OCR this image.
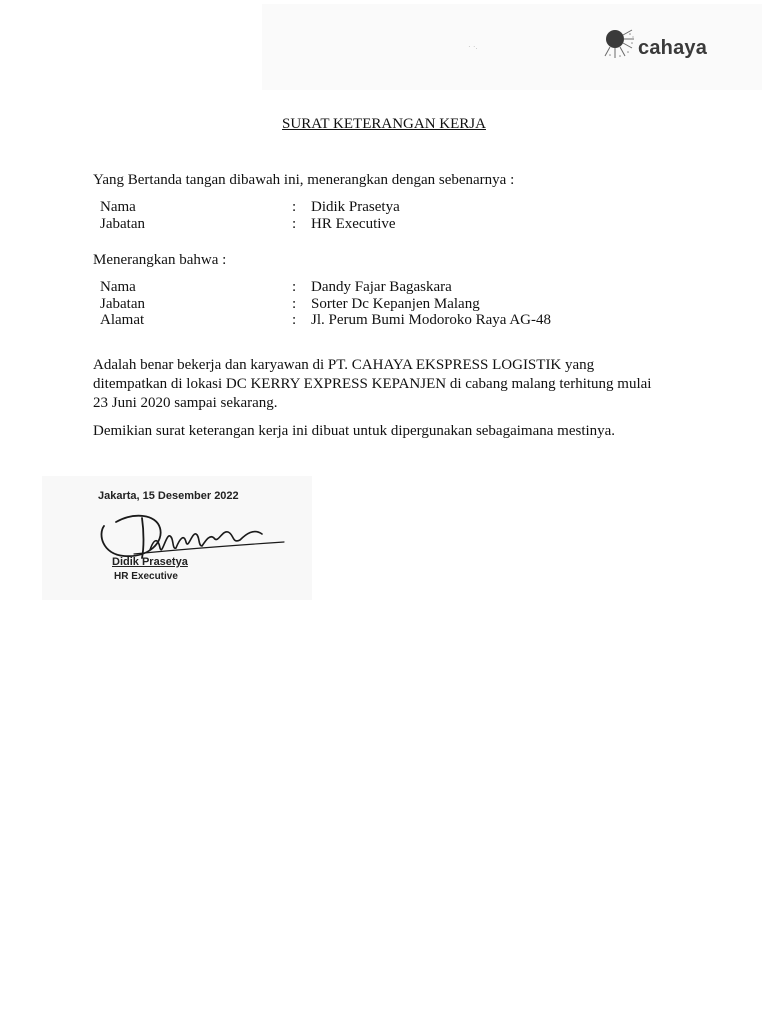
· ·.	cahaya
SURAT KETERANGAN KERJA
Yang Bertanda tangan dibawah ini, menerangkan dengan sebenarnya :
Nama	: Didik Prasetya
Jabatan	: HR Executive
Menerangkan bahwa :
Nama	: Dandy Fajar Bagaskara
Jabatan	: Sorter Dc Kepanjen Malang
Alamat	: Jl. Perum Bumi Modoroko Raya AG-48
Adalah benar bekerja dan karyawan di PT. CAHAYA EKSPRESS LOGISTIK yang
ditempatkan di lokasi DC KERRY EXPRESS KEPANJEN di cabang malang terhitung mulai
23 Juni 2020 sampai sekarang.
Demikian surat keterangan kerja ini dibuat untuk dipergunakan sebagaimana mestinya.
Jakarta, 15 Desember 2022
Didik Prasetya
HR Executive
